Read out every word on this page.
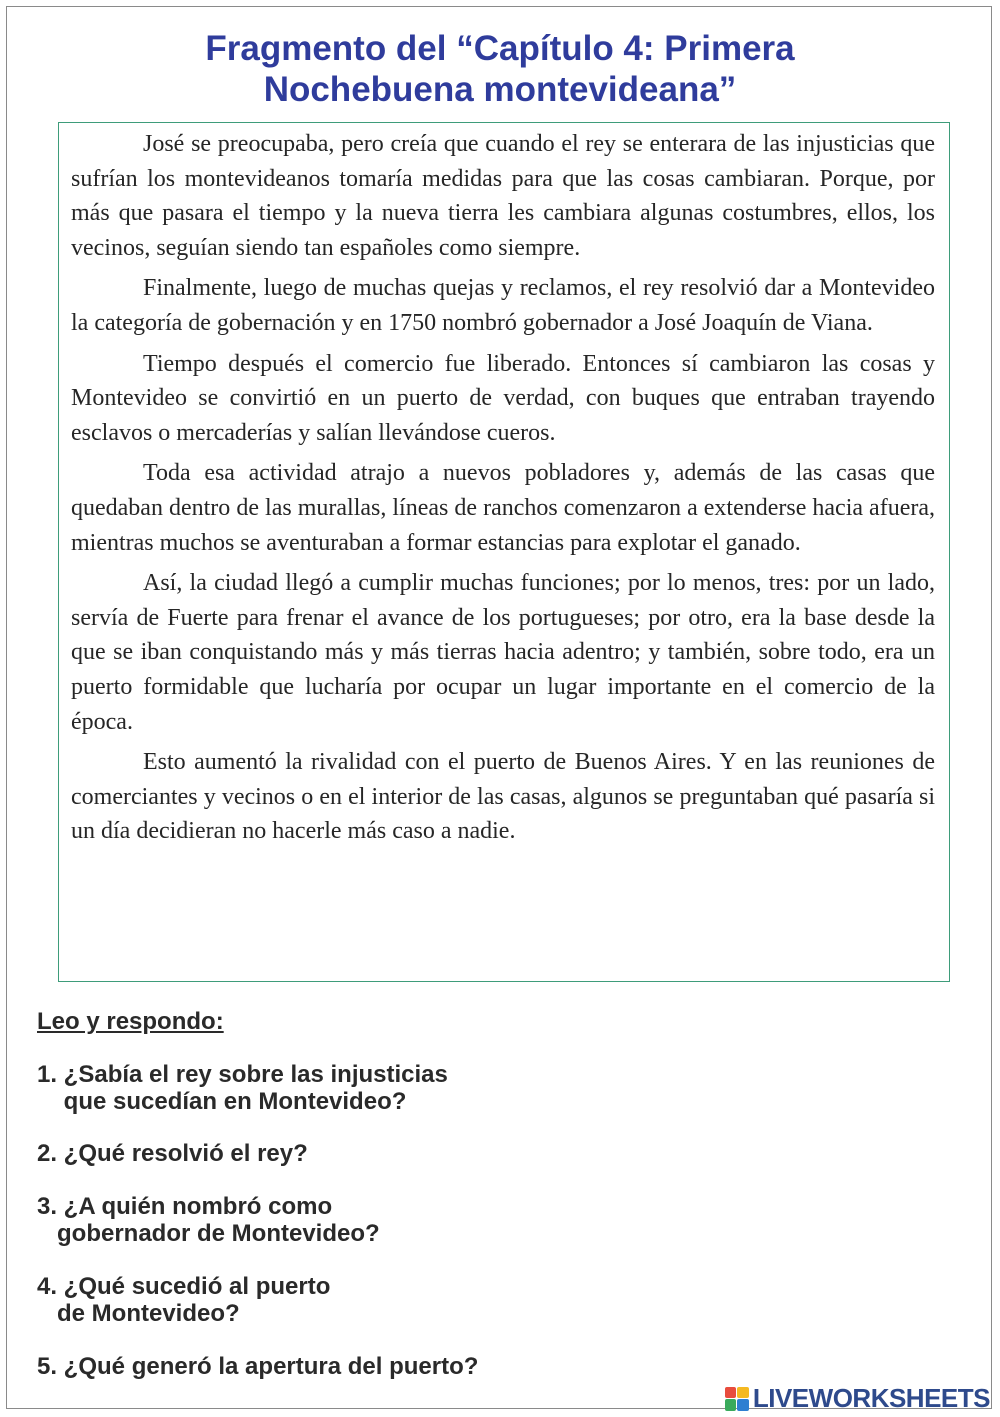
Fragmento del “Capítulo 4: Primera
Nochebuena montevideana”

José se preocupaba, pero creía que cuando el rey se enterara de las injusticias que sufrían los montevideanos tomaría medidas para que las cosas cambiaran. Porque, por más que pasara el tiempo y la nueva tierra les cambiara algunas costumbres, ellos, los vecinos, seguían siendo tan españoles como siempre.

Finalmente, luego de muchas quejas y reclamos, el rey resolvió dar a Montevideo la categoría de gobernación y en 1750 nombró gobernador a José Joaquín de Viana.

Tiempo después el comercio fue liberado. Entonces sí cambiaron las cosas y Montevideo se convirtió en un puerto de verdad, con buques que entraban trayendo esclavos o mercaderías y salían llevándose cueros.

Toda esa actividad atrajo a nuevos pobladores y, además de las casas que quedaban dentro de las murallas, líneas de ranchos comenzaron a extenderse hacia afuera, mientras muchos se aventuraban a formar estancias para explotar el ganado.

Así, la ciudad llegó a cumplir muchas funciones; por lo menos, tres: por un lado, servía de Fuerte para frenar el avance de los portugueses; por otro, era la base desde la que se iban conquistando más y más tierras hacia adentro; y también, sobre todo, era un puerto formidable que lucharía por ocupar un lugar importante en el comercio de la época.

Esto aumentó la rivalidad con el puerto de Buenos Aires. Y en las reuniones de comerciantes y vecinos o en el interior de las casas, algunos se preguntaban qué pasaría si un día decidieran no hacerle más caso a nadie.

Leo y respondo:

1. ¿Sabía el rey sobre las injusticias
que sucedían en Montevideo?
2. ¿Qué resolvió el rey?
3. ¿A quién nombró como
gobernador de Montevideo?
4. ¿Qué sucedió al puerto
de Montevideo?
5. ¿Qué generó la apertura del puerto?
LIVEWORKSHEETS
